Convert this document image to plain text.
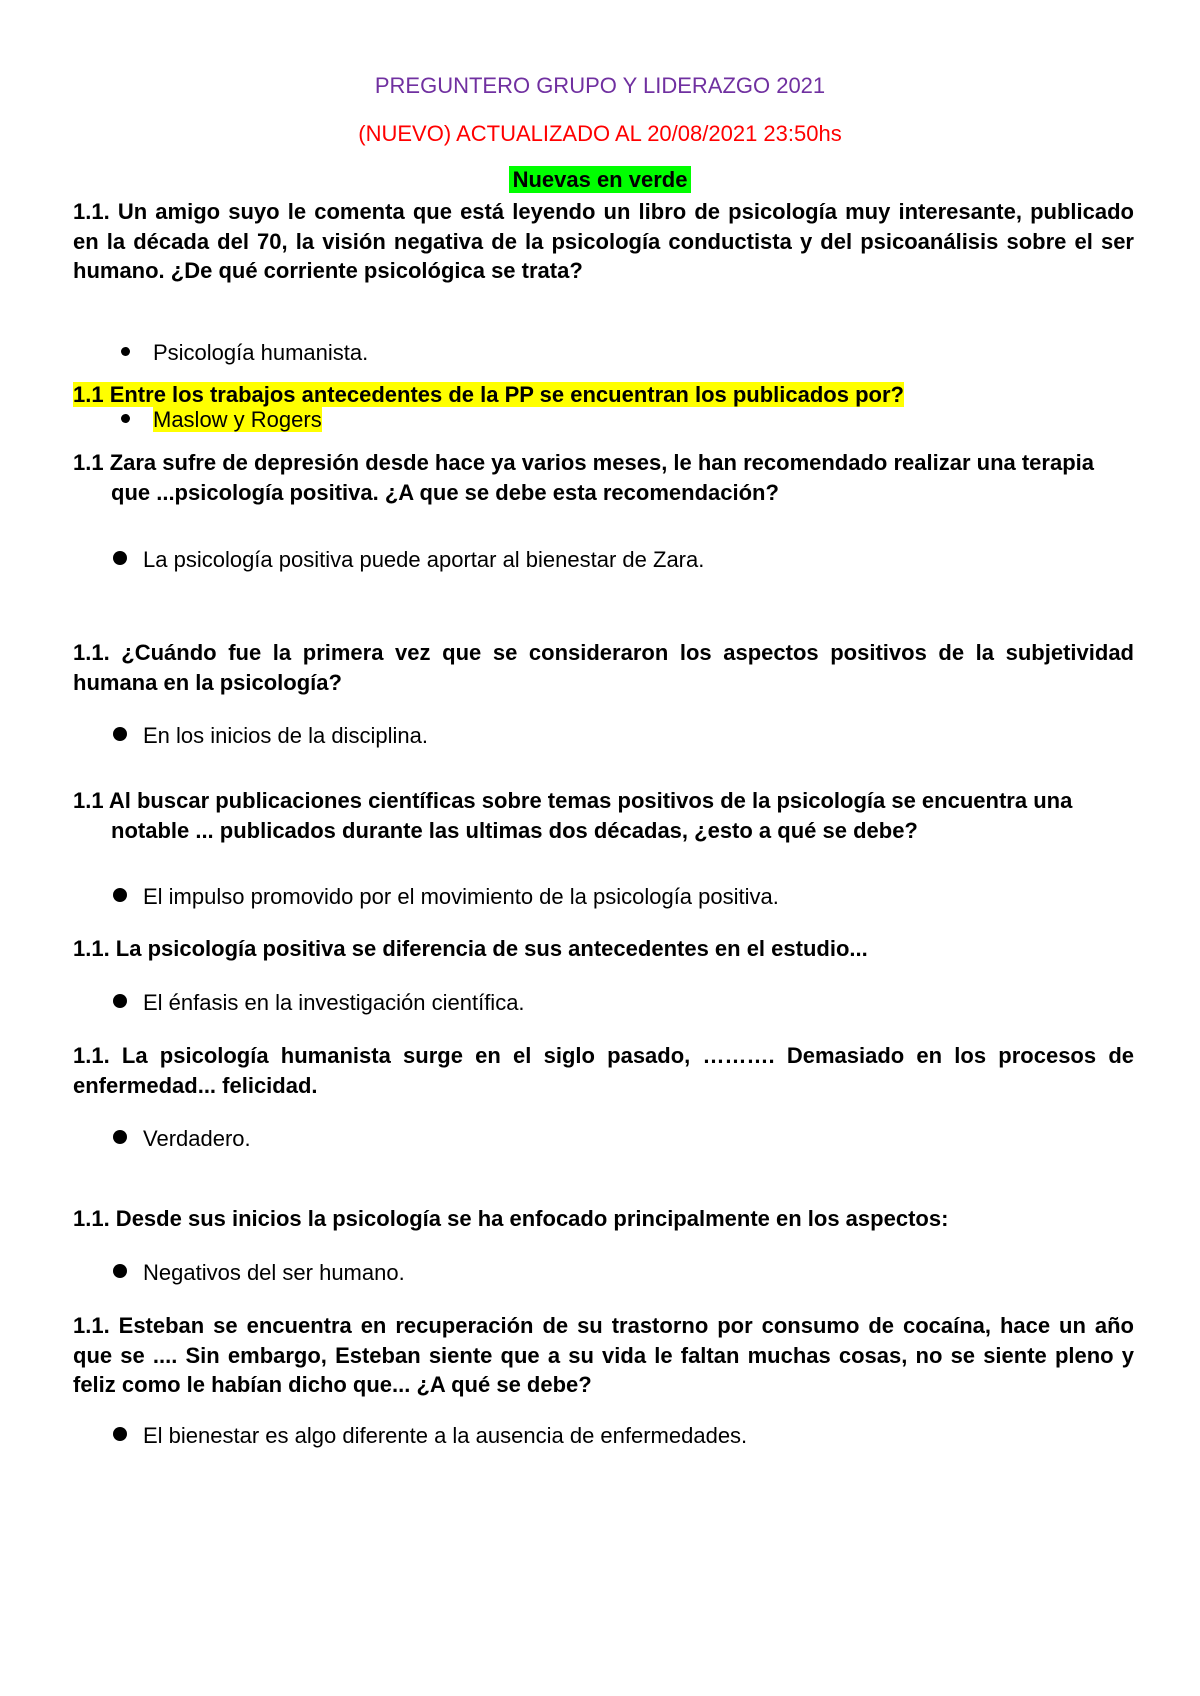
PREGUNTERO GRUPO Y LIDERAZGO 2021
(NUEVO) ACTUALIZADO AL 20/08/2021 23:50hs
Nuevas en verde
1.1. Un amigo suyo le comenta que está leyendo un libro de psicología muy interesante, publicado en la década del 70, la visión negativa de la psicología conductista y del psicoanálisis sobre el ser humano. ¿De qué corriente psicológica se trata?
Psicología humanista.
1.1 Entre los trabajos antecedentes de la PP se encuentran los publicados por?
Maslow y Rogers
1.1 Zara sufre de depresión desde hace ya varios meses, le han recomendado realizar una terapia que ...psicología positiva. ¿A que se debe esta recomendación?
La psicología positiva puede aportar al bienestar de Zara.
1.1. ¿Cuándo fue la primera vez que se consideraron los aspectos positivos de la subjetividad humana en la psicología?
En los inicios de la disciplina.
1.1 Al buscar publicaciones científicas sobre temas positivos de la psicología se encuentra una notable ... publicados durante las ultimas dos décadas, ¿esto a qué se debe?
El impulso promovido por el movimiento de la psicología positiva.
1.1. La psicología positiva se diferencia de sus antecedentes en el estudio...
El énfasis en la investigación científica.
1.1. La psicología humanista surge en el siglo pasado, ………. Demasiado en los procesos de enfermedad... felicidad.
Verdadero.
1.1. Desde sus inicios la psicología se ha enfocado principalmente en los aspectos:
Negativos del ser humano.
1.1. Esteban se encuentra en recuperación de su trastorno por consumo de cocaína, hace un año que se .... Sin embargo, Esteban siente que a su vida le faltan muchas cosas, no se siente pleno y feliz como le habían dicho que... ¿A qué se debe?
El bienestar es algo diferente a la ausencia de enfermedades.
